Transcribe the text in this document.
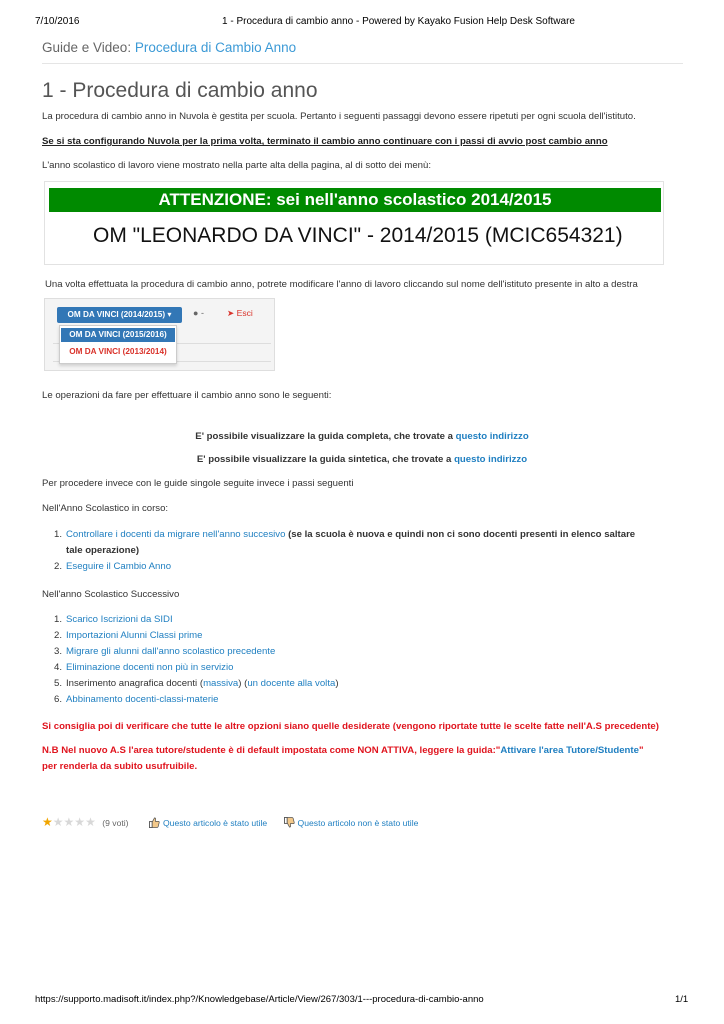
7/10/2016	1 - Procedura di cambio anno - Powered by Kayako Fusion Help Desk Software
Guide e Video: Procedura di Cambio Anno
1 - Procedura di cambio anno
La procedura di cambio anno in Nuvola è gestita per scuola. Pertanto i seguenti passaggi devono essere ripetuti per ogni scuola dell'istituto.
Se si sta configurando Nuvola per la prima volta, terminato il cambio anno continuare con i passi di avvio post cambio anno
L'anno scolastico di lavoro viene mostrato nella parte alta della pagina, al di sotto dei menù:
ATTENZIONE: sei nell'anno scolastico 2014/2015
OM "LEONARDO DA VINCI" - 2014/2015 (MCIC654321)
Una volta effettuata la procedura di cambio anno, potrete modificare l'anno di lavoro cliccando sul nome dell'istituto presente in alto a destra
OM DA VINCI (2014/2015) ▾	● -	➤ Esci
OM DA VINCI (2015/2016)
OM DA VINCI (2013/2014)
Le operazioni da fare per effettuare il cambio anno sono le seguenti:
E' possibile visualizzare la guida completa, che trovate a questo indirizzo
E' possibile visualizzare la guida sintetica, che trovate a questo indirizzo
Per procedere invece con le guide singole seguite invece i passi seguenti
Nell'Anno Scolastico in corso:
1. Controllare i docenti da migrare nell'anno succesivo (se la scuola è nuova e quindi non ci sono docenti presenti in elenco saltare
tale operazione)
2. Eseguire il Cambio Anno
Nell'anno Scolastico Successivo
1. Scarico Iscrizioni da SIDI
2. Importazioni Alunni Classi prime
3. Migrare gli alunni dall'anno scolastico precedente
4. Eliminazione docenti non più in servizio
5. Inserimento anagrafica docenti (massiva) (un docente alla volta)
6. Abbinamento docenti-classi-materie
Si consiglia poi di verificare che tutte le altre opzioni siano quelle desiderate (vengono riportate tutte le scelte fatte nell'A.S precedente)
N.B Nel nuovo A.S l'area tutore/studente è di default impostata come NON ATTIVA, leggere la guida:"Attivare l'area Tutore/Studente"
per renderla da subito usufruibile.
★★★★★ (9 voti)	Questo articolo è stato utile	Questo articolo non è stato utile
https://supporto.madisoft.it/index.php?/Knowledgebase/Article/View/267/303/1---procedura-di-cambio-anno	1/1
